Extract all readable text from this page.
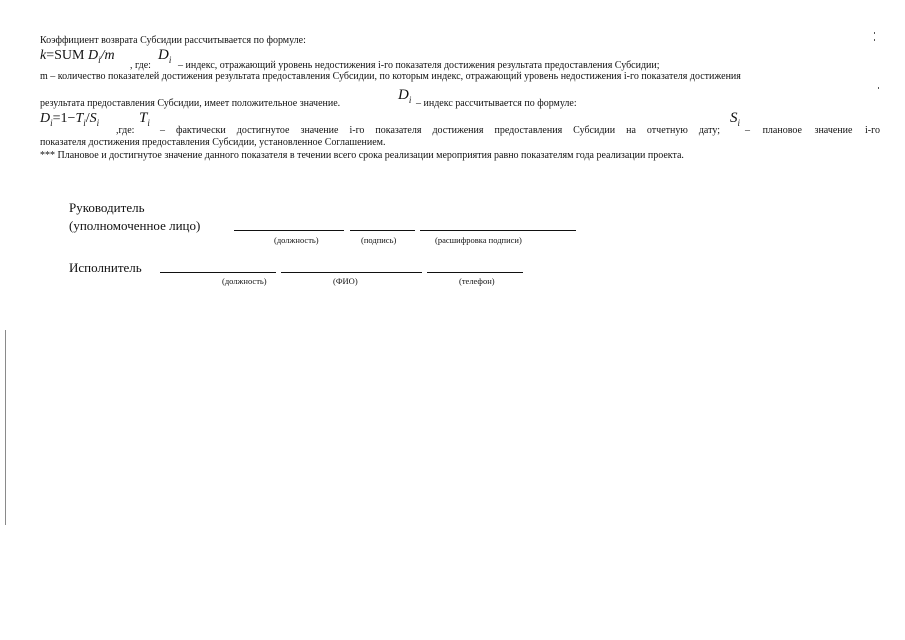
Коэффициент возврата Субсидии рассчитывается по формуле:
k=SUM $D_i/m$
, где:
$D_i$ – индекс, отражающий уровень недостижения i-го показателя достижения результата предоставления Субсидии;
m – количество показателей достижения результата предоставления Субсидии, по которым индекс, отражающий уровень недостижения i-го показателя достижения
результата предоставления Субсидии, имеет положительное значение.
$D_i$ – индекс рассчитывается по формуле:
$D_i=1-T_i/S_i$
,где:
$T_i$
– фактически достигнутое значение i-го показателя достижения предоставления Субсидии на отчетную дату;
$S_i$
– плановое значение i-го
показателя достижения предоставления Субсидии, установленное Соглашением.
*** Плановое и достигнутое значение данного показателя в течении всего срока реализации мероприятия равно показателям года реализации проекта.
Руководитель
(уполномоченное лицо)
(должность)	(подпись)	(расшифровка подписи)
Исполнитель
(должность)	(ФИО)	(телефон)
